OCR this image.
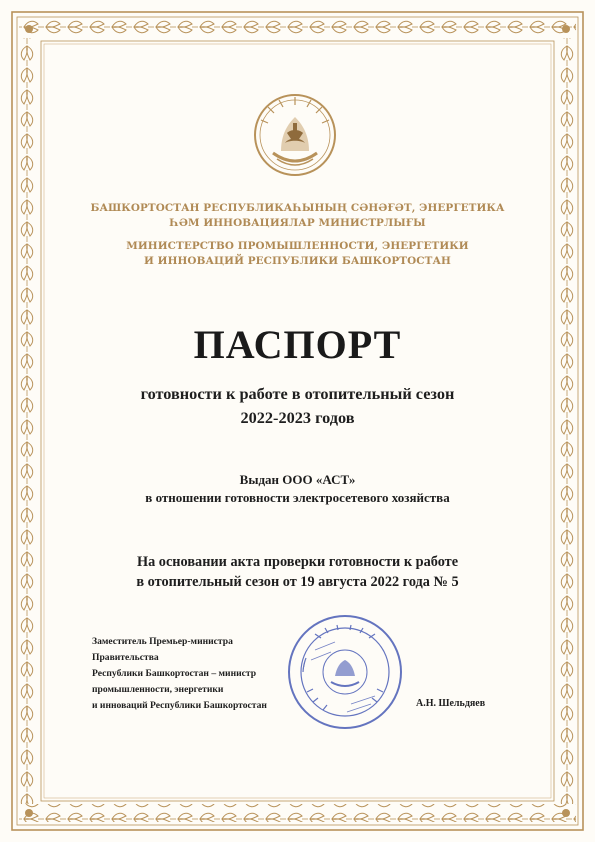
БАШКОРТОСТАН РЕСПУБЛИКАҺЫНЫҢ СӘНӘҒӘТ, ЭНЕРГЕТИКА
ҺӘМ ИННОВАЦИЯЛАР МИНИСТРЛЫҒЫ
МИНИСТЕРСТВО ПРОМЫШЛЕННОСТИ, ЭНЕРГЕТИКИ
И ИННОВАЦИЙ РЕСПУБЛИКИ БАШКОРТОСТАН
ПАСПОРТ
готовности к работе в отопительный сезон
2022-2023 годов
Выдан ООО «АСТ»
в отношении готовности электросетевого хозяйства
На основании акта проверки готовности к работе
в отопительный сезон от 19 августа 2022 года № 5
Заместитель Премьер-министра
Правительства
Республики Башкортостан – министр
промышленности, энергетики
и инноваций Республики Башкортостан	А.Н. Шельдяев
